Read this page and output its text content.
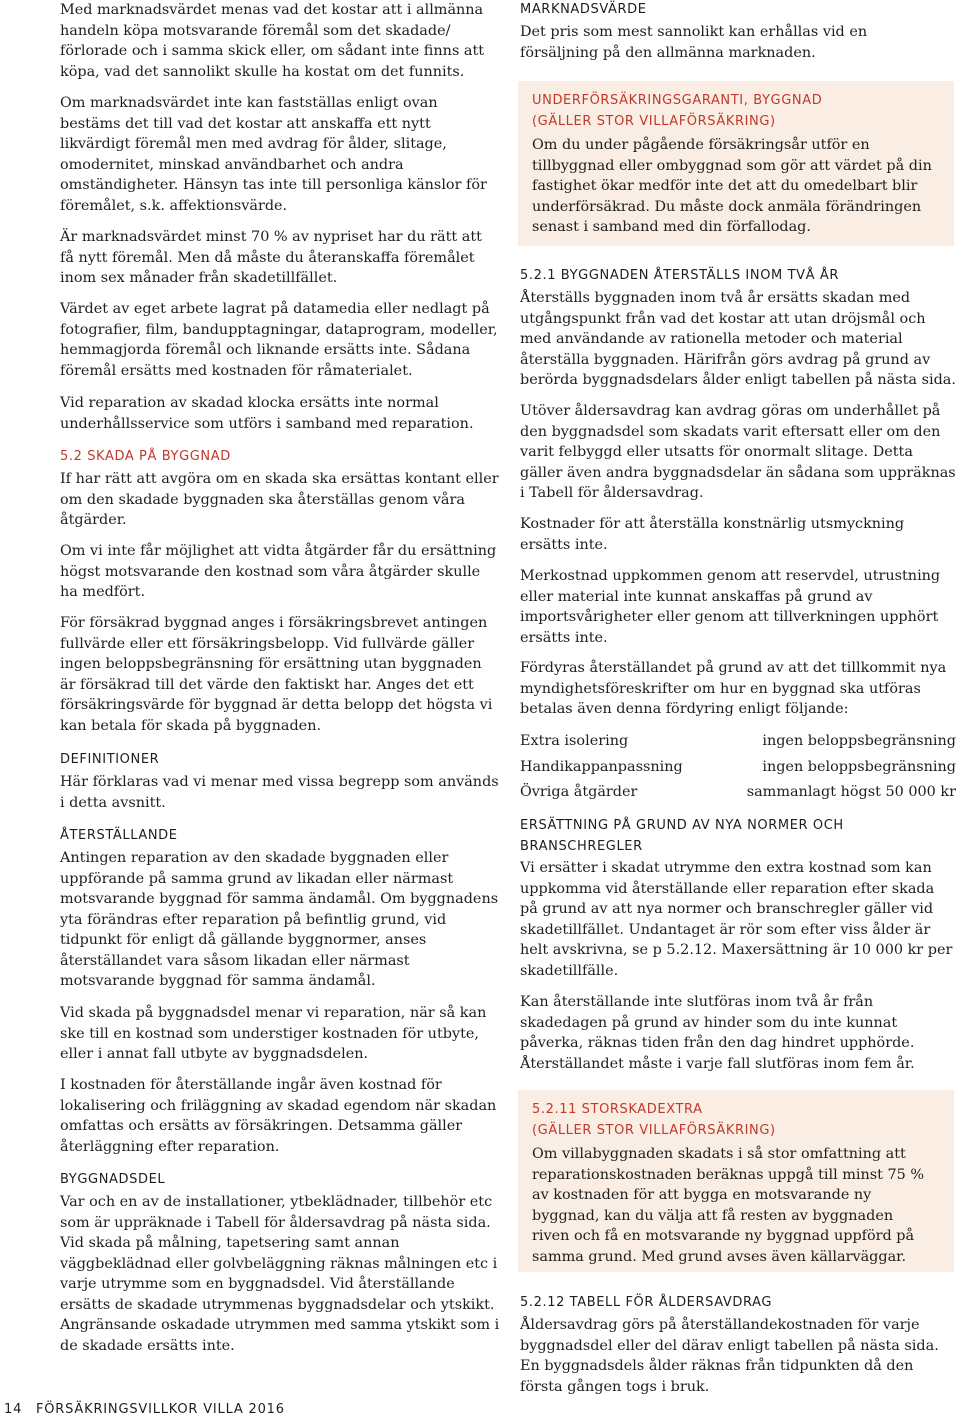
Med marknadsvärdet menas vad det kostar att i allmänna handeln köpa motsvarande föremål som det skadade/ förlorade och i samma skick eller, om sådant inte finns att köpa, vad det sannolikt skulle ha kostat om det funnits.

Om marknadsvärdet inte kan fastställas enligt ovan bestäms det till vad det kostar att anskaffa ett nytt likvärdigt föremål men med avdrag för ålder, slitage, omodernitet, minskad användbarhet och andra omständigheter. Hänsyn tas inte till personliga känslor för föremålet, s.k. affektionsvärde.

Är marknadsvärdet minst 70 % av nypriset har du rätt att få nytt föremål. Men då måste du återanskaffa föremålet inom sex månader från skadetillfället.

Värdet av eget arbete lagrat på datamedia eller nedlagt på fotografier, film, bandupptagningar, dataprogram, modeller, hemmagjorda föremål och liknande ersätts inte. Sådana föremål ersätts med kostnaden för råmaterialet.

Vid reparation av skadad klocka ersätts inte normal underhållsservice som utförs i samband med reparation.

5.2 SKADA PÅ BYGGNAD

If har rätt att avgöra om en skada ska ersättas kontant eller om den skadade byggnaden ska återställas genom våra åtgärder.

Om vi inte får möjlighet att vidta åtgärder får du ersättning högst motsvarande den kostnad som våra åtgärder skulle ha medfört.

För försäkrad byggnad anges i försäkringsbrevet antingen fullvärde eller ett försäkringsbelopp. Vid fullvärde gäller ingen beloppsbegränsning för ersättning utan byggnaden är försäkrad till det värde den faktiskt har. Anges det ett försäkringsvärde för byggnad är detta belopp det högsta vi kan betala för skada på byggnaden.

DEFINITIONER

Här förklaras vad vi menar med vissa begrepp som används i detta avsnitt.

ÅTERSTÄLLANDE

Antingen reparation av den skadade byggnaden eller uppförande på samma grund av likadan eller närmast motsvarande byggnad för samma ändamål. Om byggnadens yta förändras efter reparation på befintlig grund, vid tidpunkt för enligt då gällande byggnormer, anses återställandet vara såsom likadan eller närmast motsvarande byggnad för samma ändamål.

Vid skada på byggnadsdel menar vi reparation, när så kan ske till en kostnad som understiger kostnaden för utbyte, eller i annat fall utbyte av byggnadsdelen.

I kostnaden för återställande ingår även kostnad för lokalisering och friläggning av skadad egendom när skadan omfattas och ersätts av försäkringen. Detsamma gäller återläggning efter reparation.

BYGGNADSDEL

Var och en av de installationer, ytbeklädnader, tillbehör etc som är uppräknade i Tabell för åldersavdrag på nästa sida. Vid skada på målning, tapetsering samt annan väggbeklädnad eller golvbeläggning räknas målningen etc i varje utrymme som en byggnadsdel. Vid återställande ersätts de skadade utrymmenas byggnadsdelar och ytskikt. Angränsande oskadade utrymmen med samma ytskikt som i de skadade ersätts inte.

MARKNADSVÄRDE

Det pris som mest sannolikt kan erhållas vid en försäljning på den allmänna marknaden.

UNDERFÖRSÄKRINGSGARANTI, BYGGNAD
(GÄLLER STOR VILLAFÖRSÄKRING)

Om du under pågående försäkringsår utför en tillbyggnad eller ombyggnad som gör att värdet på din fastighet ökar medför inte det att du omedelbart blir underförsäkrad. Du måste dock anmäla förändringen senast i samband med din förfallodag.

5.2.1 BYGGNADEN ÅTERSTÄLLS INOM TVÅ ÅR

Återställs byggnaden inom två år ersätts skadan med utgångspunkt från vad det kostar att utan dröjsmål och med användande av rationella metoder och material återställa byggnaden. Härifrån görs avdrag på grund av berörda byggnadsdelars ålder enligt tabellen på nästa sida.

Utöver åldersavdrag kan avdrag göras om underhållet på den byggnadsdel som skadats varit eftersatt eller om den varit felbyggd eller utsatts för onormalt slitage. Detta gäller även andra byggnadsdelar än sådana som uppräknas i Tabell för åldersavdrag.

Kostnader för att återställa konstnärlig utsmyckning ersätts inte.

Merkostnad uppkommen genom att reservdel, utrustning eller material inte kunnat anskaffas på grund av importsvårigheter eller genom att tillverkningen upphört ersätts inte.

Fördyras återställandet på grund av att det tillkommit nya myndighetsföreskrifter om hur en byggnad ska utföras betalas även denna fördyring enligt följande:

Extra isolering	ingen beloppsbegränsning
Handikappanpassning	ingen beloppsbegränsning
Övriga åtgärder	sammanlagt högst 50 000 kr
ERSÄTTNING PÅ GRUND AV NYA NORMER OCH BRANSCHREGLER

Vi ersätter i skadat utrymme den extra kostnad som kan uppkomma vid återställande eller reparation efter skada på grund av att nya normer och branschregler gäller vid skadetillfället. Undantaget är rör som efter viss ålder är helt avskrivna, se p 5.2.12. Maxersättning är 10 000 kr per skadetillfälle.

Kan återställande inte slutföras inom två år från skadedagen på grund av hinder som du inte kunnat påverka, räknas tiden från den dag hindret upphörde. Återställandet måste i varje fall slutföras inom fem år.

5.2.11 STORSKADEXTRA
(GÄLLER STOR VILLAFÖRSÄKRING)

Om villabyggnaden skadats i så stor omfattning att reparationskostnaden beräknas uppgå till minst 75 % av kostnaden för att bygga en motsvarande ny byggnad, kan du välja att få resten av byggnaden riven och få en motsvarande ny byggnad uppförd på samma grund. Med grund avses även källarväggar.

5.2.12 TABELL FÖR ÅLDERSAVDRAG

Åldersavdrag görs på återställandekostnaden för varje byggnadsdel eller del därav enligt tabellen på nästa sida. En byggnadsdels ålder räknas från tidpunkten då den första gången togs i bruk.

14 FÖRSÄKRINGSVILLKOR VILLA 2016
